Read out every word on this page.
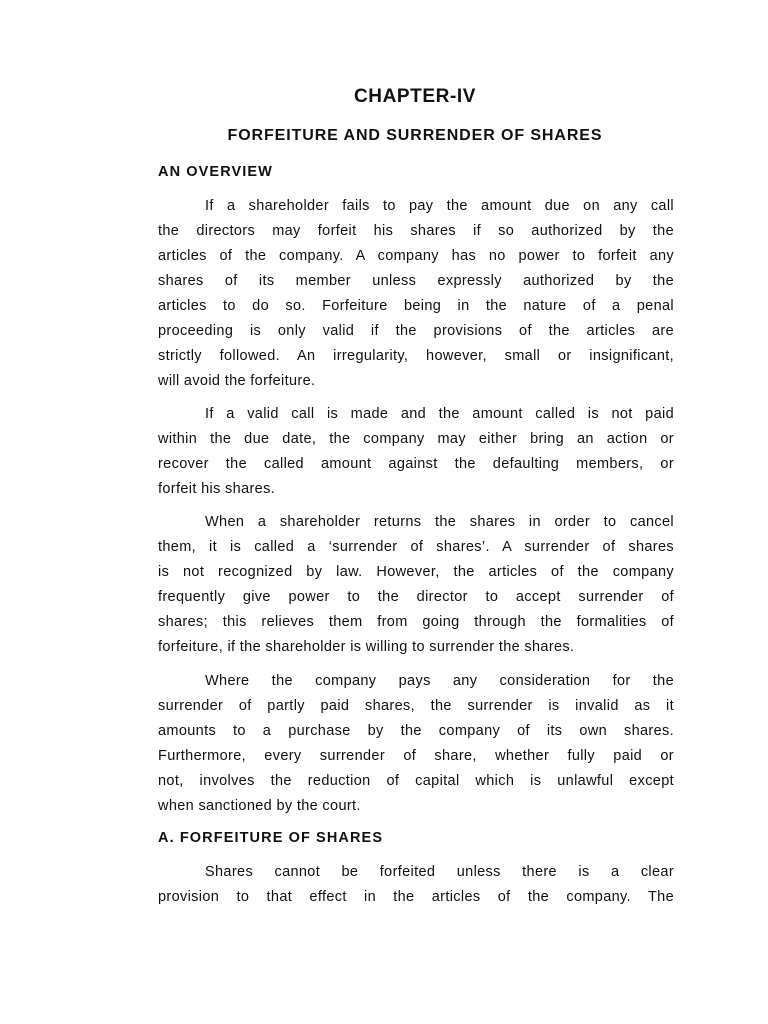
CHAPTER-IV
FORFEITURE AND SURRENDER OF SHARES
AN OVERVIEW
If a shareholder fails to pay the amount due on any call
the directors may forfeit his shares if so authorized by the
articles of the company. A company has no power to forfeit any
shares of its member unless expressly authorized by the
articles to do so. Forfeiture being in the nature of a penal
proceeding is only valid if the provisions of the articles are
strictly followed. An irregularity, however, small or insignificant,
will avoid the forfeiture.
If a valid call is made and the amount called is not paid
within the due date, the company may either bring an action or
recover the called amount against the defaulting members, or
forfeit his shares.
When a shareholder returns the shares in order to cancel
them, it is called a ‘surrender of shares’. A surrender of shares
is not recognized by law. However, the articles of the company
frequently give power to the director to accept surrender of
shares; this relieves them from going through the formalities of
forfeiture, if the shareholder is willing to surrender the shares.
Where the company pays any consideration for the
surrender of partly paid shares, the surrender is invalid as it
amounts to a purchase by the company of its own shares.
Furthermore, every surrender of share, whether fully paid or
not, involves the reduction of capital which is unlawful except
when sanctioned by the court.
A. FORFEITURE OF SHARES
Shares cannot be forfeited unless there is a clear
provision to that effect in the articles of the company. The
